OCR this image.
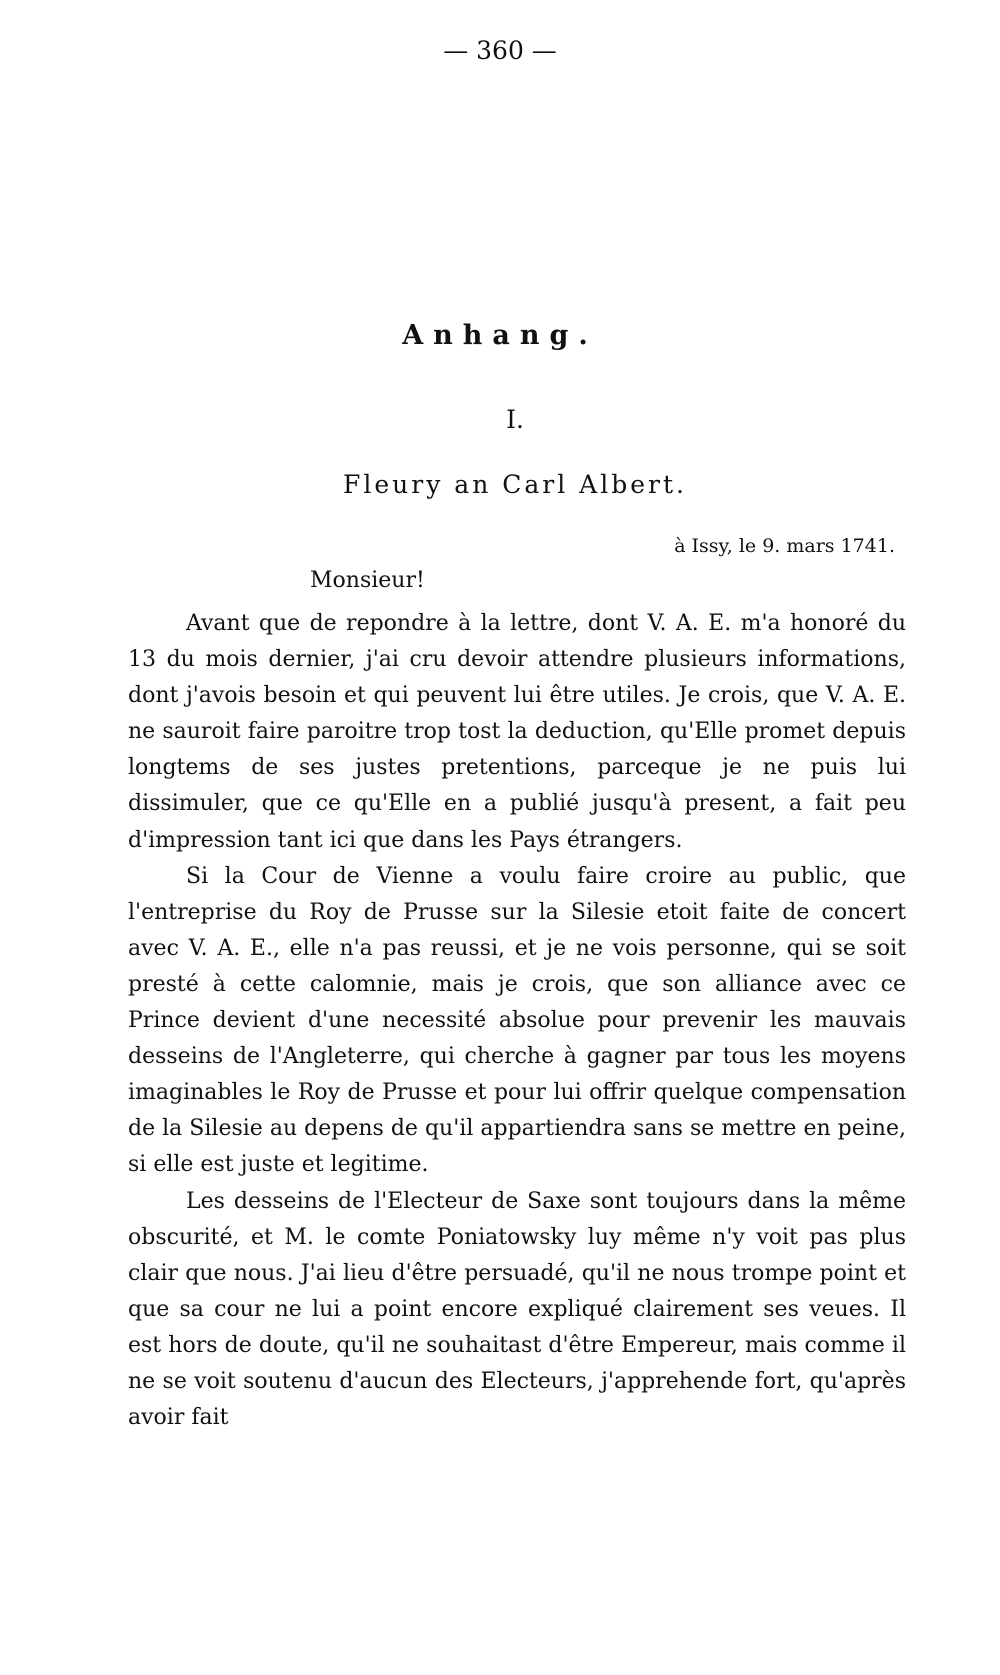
— 360 —
Anhang.
I.
Fleury an Carl Albert.
à Issy, le 9. mars 1741.
Monsieur!

Avant que de repondre à la lettre, dont V. A. E. m'a honoré du 13 du mois dernier, j'ai cru devoir attendre plusieurs informations, dont j'avois besoin et qui peuvent lui être utiles. Je crois, que V. A. E. ne sauroit faire paroitre trop tost la deduction, qu'Elle promet depuis longtems de ses justes pretentions, parceque je ne puis lui dissimuler, que ce qu'Elle en a publié jusqu'à present, a fait peu d'impression tant ici que dans les Pays étrangers.

Si la Cour de Vienne a voulu faire croire au public, que l'entreprise du Roy de Prusse sur la Silesie etoit faite de concert avec V. A. E., elle n'a pas reussi, et je ne vois personne, qui se soit presté à cette calomnie, mais je crois, que son alliance avec ce Prince devient d'une necessité absolue pour prevenir les mauvais desseins de l'Angleterre, qui cherche à gagner par tous les moyens imaginables le Roy de Prusse et pour lui offrir quelque compensation de la Silesie au depens de qu'il appartiendra sans se mettre en peine, si elle est juste et legitime.

Les desseins de l'Electeur de Saxe sont toujours dans la même obscurité, et M. le comte Poniatowsky luy même n'y voit pas plus clair que nous. J'ai lieu d'être persuadé, qu'il ne nous trompe point et que sa cour ne lui a point encore expliqué clairement ses veues. Il est hors de doute, qu'il ne souhaitast d'être Empereur, mais comme il ne se voit soutenu d'aucun des Electeurs, j'apprehende fort, qu'après avoir fait
